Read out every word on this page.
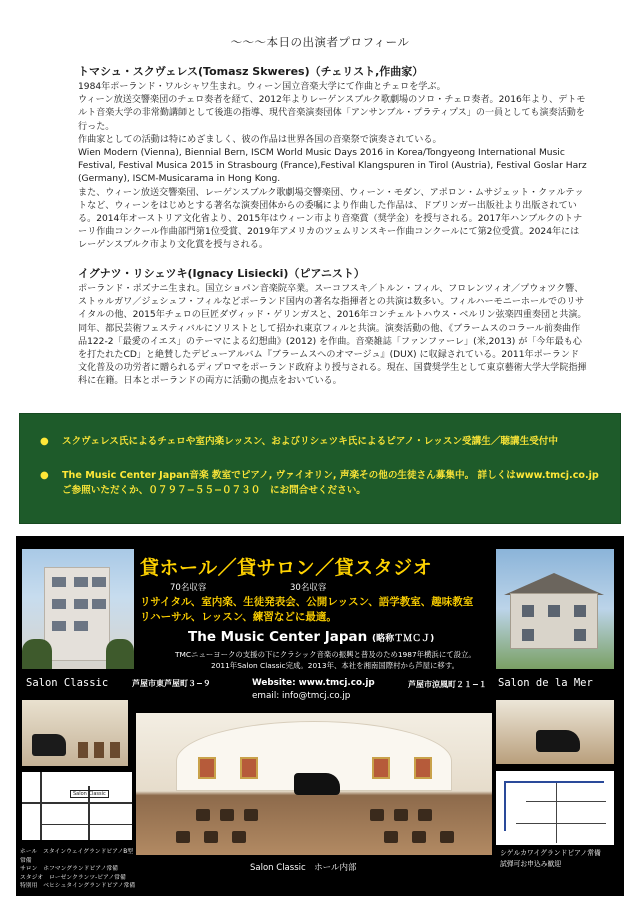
〜〜〜本日の出演者プロフィール
トマシュ・スクヴェレス(Tomasz Skweres)（チェリスト,作曲家）

1984年ポーランド・ワルシャワ生まれ。ウィーン国立音楽大学にて作曲とチェロを学ぶ。

ウィーン放送交響楽団のチェロ奏者を経て、2012年よりレーゲンスブルク歌劇場のソロ・チェロ奏者。2016年より、デトモルト音楽大学の非常勤講師として後進の指導、現代音楽演奏団体「アンサンブル・プラティプス」の一員としても演奏活動を行った。

作曲家としての活動は特にめざましく、彼の作品は世界各国の音楽祭で演奏されている。

Wien Modern (Vienna), Biennial Bern, ISCM World Music Days 2016 in Korea/Tongyeong International Music Festival, Festival Musica 2015 in Strasbourg (France),Festival Klangspuren in Tirol (Austria), Festival Goslar Harz (Germany), ISCM-Musicarama in Hong Kong.

また、ウィーン放送交響楽団、レーゲンスブルク歌劇場交響楽団、ウィーン・モダン、アポロン・ムサジェット・クァルテットなど、ウィーンをはじめとする著名な演奏団体からの委嘱により作曲した作品は、ドブリンガー出版社より出版されている。2014年オーストリア文化省より、2015年はウィーン市より音楽賞（奨学金）を授与される。2017年ハンブルクのトナーリ作曲コンクール作曲部門第1位受賞、2019年アメリカのツェムリンスキー作曲コンクールにて第2位受賞。2024年にはレーゲンスブルク市より文化賞を授与される。

イグナツ・リシェツキ(Ignacy Lisiecki)（ピアニスト）

ポーランド・ポズナニ生まれ。国立ショパン音楽院卒業。スーコフスキ／トルン・フィル、フロレンツィオ／プウォツク響、ストゥルガワ／ジェシュフ・フィルなどポーランド国内の著名な指揮者との共演は数多い。フィルハーモニーホールでのリサイタルの他、2015年チェロの巨匠ダヴィッド・ゲリンガスと、2016年コンチェルトハウス・ベルリン弦楽四重奏団と共演。同年、都民芸術フェスティバルにソリストとして招かれ東京フィルと共演。演奏活動の他、《ブラームスのコラール前奏曲作品122-2「最愛のイエス」のテーマによる幻想曲》(2012) を作曲。音楽雑誌「ファンファーレ」(米,2013) が「今年最も心を打たれたCD」と絶賛したデビューアルバム『ブラームスへのオマージュ』(DUX) に収録されている。2011年ポーランド文化普及の功労者に贈られるディプロマをポーランド政府より授与される。現在、国費奨学生として東京藝術大学大学院指揮科に在籍。日本とポーランドの両方に活動の拠点をおいている。

●	スクヴェレス氏によるチェロや室内楽レッスン、およびリシェツキ氏によるピアノ・レッスン受講生／聴講生受付中
●	The Music Center Japan音楽 教室でピアノ, ヴァイオリン, 声楽その他の生徒さん募集中。 詳しくはwww.tmcj.co.jp ご参照いただくか、０７９７−５５−０７３０　にお問合せください。
貸ホール／貸サロン／貸スタジオ
70名収容	30名収容
リサイタル、室内楽、生徒発表会、公開レッスン、語学教室、趣味教室
リハーサル、レッスン、練習などに最適。
The Music Center Japan (略称ＴＭＣＪ)
TMCニューヨークの支援の下にクラシック音楽の振興と普及のため1987年横浜にて設立。
2011年Salon Classic完成。2013年、本社を湘南国際村から芦屋に移す。
Salon Classic	芦屋市東芦屋町３−９	Website: www.tmcj.co.jp
email: info@tmcj.co.jp
芦屋市涼風町２１−１ Salon de la Mer
Salon Classic
Salon Classic　ホール内部
シゲルカワイグランドピアノ常備
試弾可お申込み歓迎
ホール　スタインウェイグランドピアノB型常備
サロン　ホフマングランドピアノ常備
スタジオ　ローゼンクランツ-ピアノ常備
特別用　ベヒシュタイングランドピアノ常備
